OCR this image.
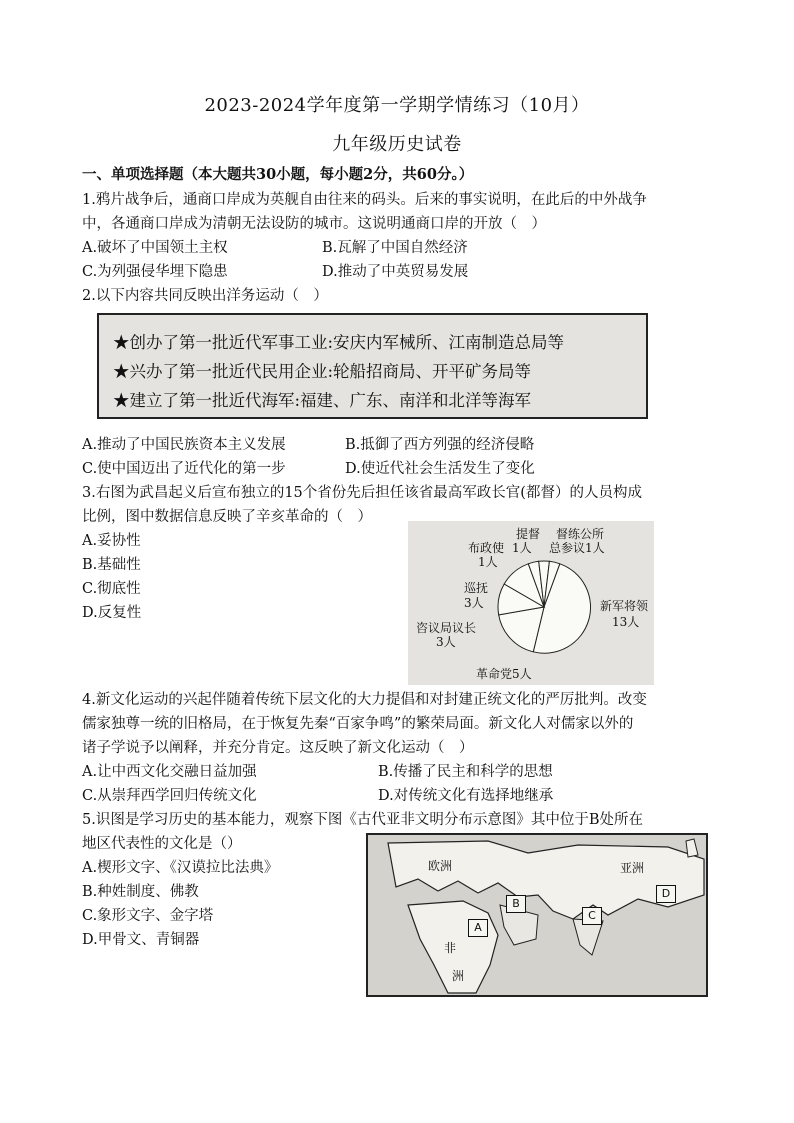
2023-2024学年度第一学期学情练习（10月）
九年级历史试卷
一、单项选择题（本大题共30小题，每小题2分，共60分。）
1.鸦片战争后，通商口岸成为英舰自由往来的码头。后来的事实说明，在此后的中外战争
中，各通商口岸成为清朝无法设防的城市。这说明通商口岸的开放（　）
A.破坏了中国领土主权	B.瓦解了中国自然经济
C.为列强侵华埋下隐患	D.推动了中英贸易发展
2.以下内容共同反映出洋务运动（　）
★创办了第一批近代军事工业:安庆内军械所、江南制造总局等
★兴办了第一批近代民用企业:轮船招商局、开平矿务局等
★建立了第一批近代海军:福建、广东、南洋和北洋等海军
A.推动了中国民族资本主义发展	B.抵御了西方列强的经济侵略
C.使中国迈出了近代化的第一步	D.使近代社会生活发生了变化
3.右图为武昌起义后宣布独立的15个省份先后担任该省最高军政长官(都督）的人员构成
比例，图中数据信息反映了辛亥革命的（　）
A.妥协性
B.基础性
C.彻底性
D.反复性
提督 督练公所
1人 总参议1人
布政使
1人
巡抚
3人
咨议局议长
3人
新军将领
13人
革命党5人
4.新文化运动的兴起伴随着传统下层文化的大力提倡和对封建正统文化的严厉批判。改变
儒家独尊一统的旧格局，在于恢复先秦“百家争鸣”的繁荣局面。新文化人对儒家以外的
诸子学说予以阐释，并充分肯定。这反映了新文化运动（　）
A.让中西文化交融日益加强	B.传播了民主和科学的思想
C.从崇拜西学回归传统文化	D.对传统文化有选择地继承
5.识图是学习历史的基本能力，观察下图《古代亚非文明分布示意图》其中位于B处所在
地区代表性的文化是（）
A.楔形文字、《汉谟拉比法典》
B.种姓制度、佛教
C.象形文字、金字塔
D.甲骨文、青铜器
欧洲	亚洲
非
洲
A
B
C
D
